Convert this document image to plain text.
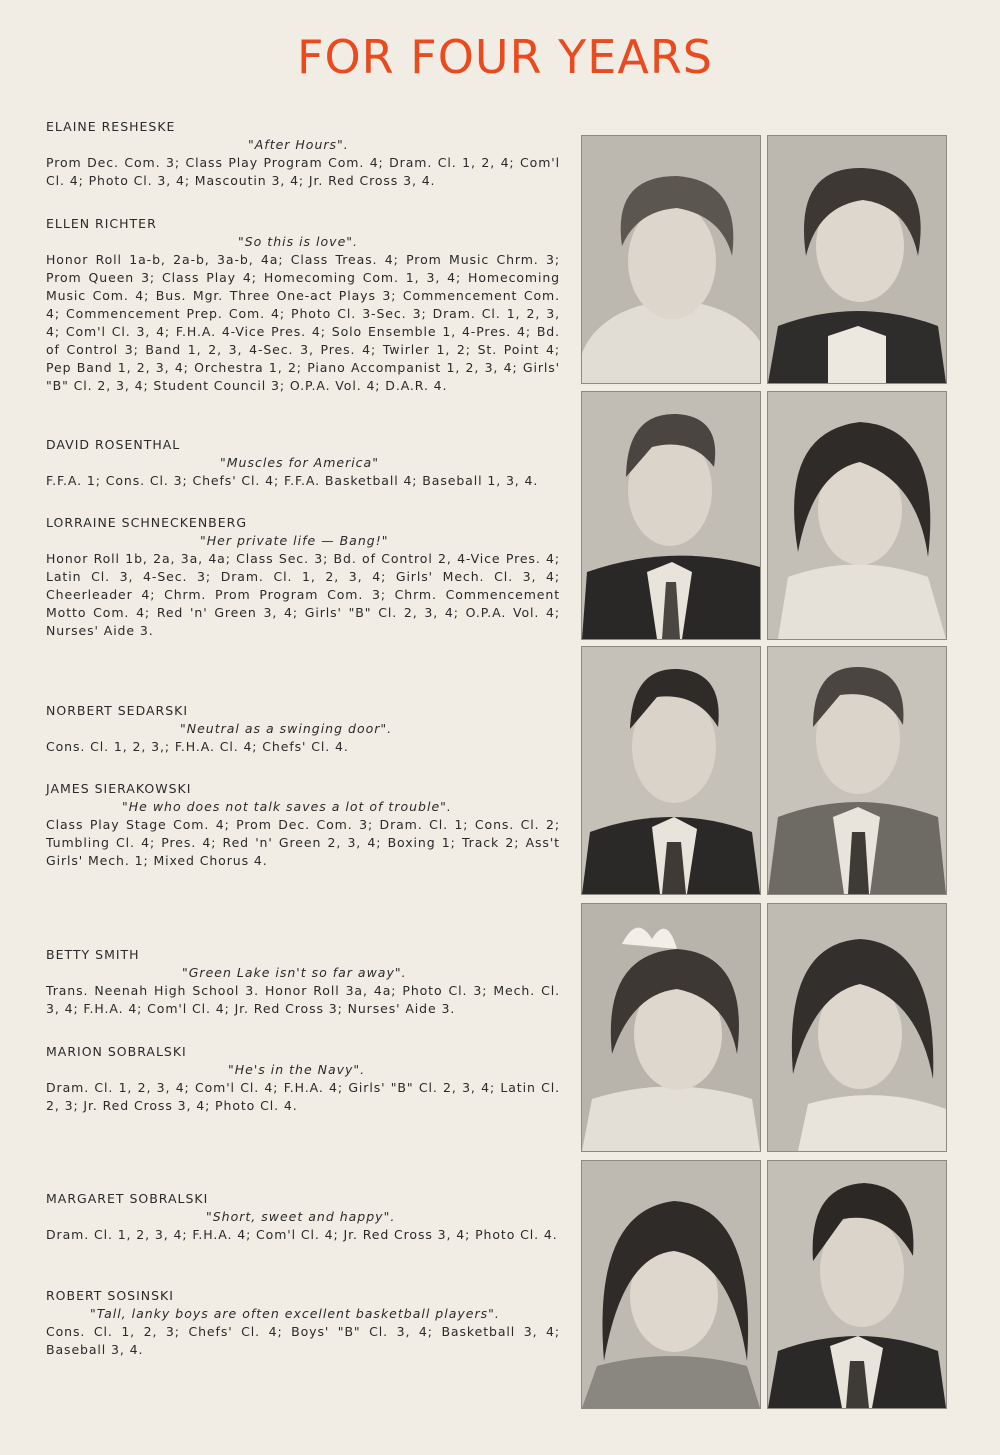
FOR FOUR YEARS

ELAINE RESHESKE

"After Hours".

Prom Dec. Com. 3; Class Play Program Com. 4; Dram. Cl. 1, 2, 4; Com'l Cl. 4; Photo Cl. 3, 4; Mascoutin 3, 4; Jr. Red Cross 3, 4.

ELLEN RICHTER

"So this is love".

Honor Roll 1a-b, 2a-b, 3a-b, 4a; Class Treas. 4; Prom Music Chrm. 3; Prom Queen 3; Class Play 4; Homecoming Com. 1, 3, 4; Homecoming Music Com. 4; Bus. Mgr. Three One-act Plays 3; Commencement Com. 4; Commencement Prep. Com. 4; Photo Cl. 3-Sec. 3; Dram. Cl. 1, 2, 3, 4; Com'l Cl. 3, 4; F.H.A. 4-Vice Pres. 4; Solo Ensemble 1, 4-Pres. 4; Bd. of Control 3; Band 1, 2, 3, 4-Sec. 3, Pres. 4; Twirler 1, 2; St. Point 4; Pep Band 1, 2, 3, 4; Orchestra 1, 2; Piano Accompanist 1, 2, 3, 4; Girls' "B" Cl. 2, 3, 4; Student Council 3; O.P.A. Vol. 4; D.A.R. 4.

DAVID ROSENTHAL

"Muscles for America"

F.F.A. 1; Cons. Cl. 3; Chefs' Cl. 4; F.F.A. Basketball 4; Baseball 1, 3, 4.

LORRAINE SCHNECKENBERG

"Her private life — Bang!"

Honor Roll 1b, 2a, 3a, 4a; Class Sec. 3; Bd. of Control 2, 4-Vice Pres. 4; Latin Cl. 3, 4-Sec. 3; Dram. Cl. 1, 2, 3, 4; Girls' Mech. Cl. 3, 4; Cheerleader 4; Chrm. Prom Program Com. 3; Chrm. Commencement Motto Com. 4; Red 'n' Green 3, 4; Girls' "B" Cl. 2, 3, 4; O.P.A. Vol. 4; Nurses' Aide 3.

NORBERT SEDARSKI

"Neutral as a swinging door".

Cons. Cl. 1, 2, 3,; F.H.A. Cl. 4; Chefs' Cl. 4.

JAMES SIERAKOWSKI

"He who does not talk saves a lot of trouble".

Class Play Stage Com. 4; Prom Dec. Com. 3; Dram. Cl. 1; Cons. Cl. 2; Tumbling Cl. 4; Pres. 4; Red 'n' Green 2, 3, 4; Boxing 1; Track 2; Ass't Girls' Mech. 1; Mixed Chorus 4.

BETTY SMITH

"Green Lake isn't so far away".

Trans. Neenah High School 3. Honor Roll 3a, 4a; Photo Cl. 3; Mech. Cl. 3, 4; F.H.A. 4; Com'l Cl. 4; Jr. Red Cross 3; Nurses' Aide 3.

MARION SOBRALSKI

"He's in the Navy".

Dram. Cl. 1, 2, 3, 4; Com'l Cl. 4; F.H.A. 4; Girls' "B" Cl. 2, 3, 4; Latin Cl. 2, 3; Jr. Red Cross 3, 4; Photo Cl. 4.

MARGARET SOBRALSKI

"Short, sweet and happy".

Dram. Cl. 1, 2, 3, 4; F.H.A. 4; Com'l Cl. 4; Jr. Red Cross 3, 4; Photo Cl. 4.

ROBERT SOSINSKI

"Tall, lanky boys are often excellent basketball players".

Cons. Cl. 1, 2, 3; Chefs' Cl. 4; Boys' "B" Cl. 3, 4; Basketball 3, 4; Baseball 3, 4.
